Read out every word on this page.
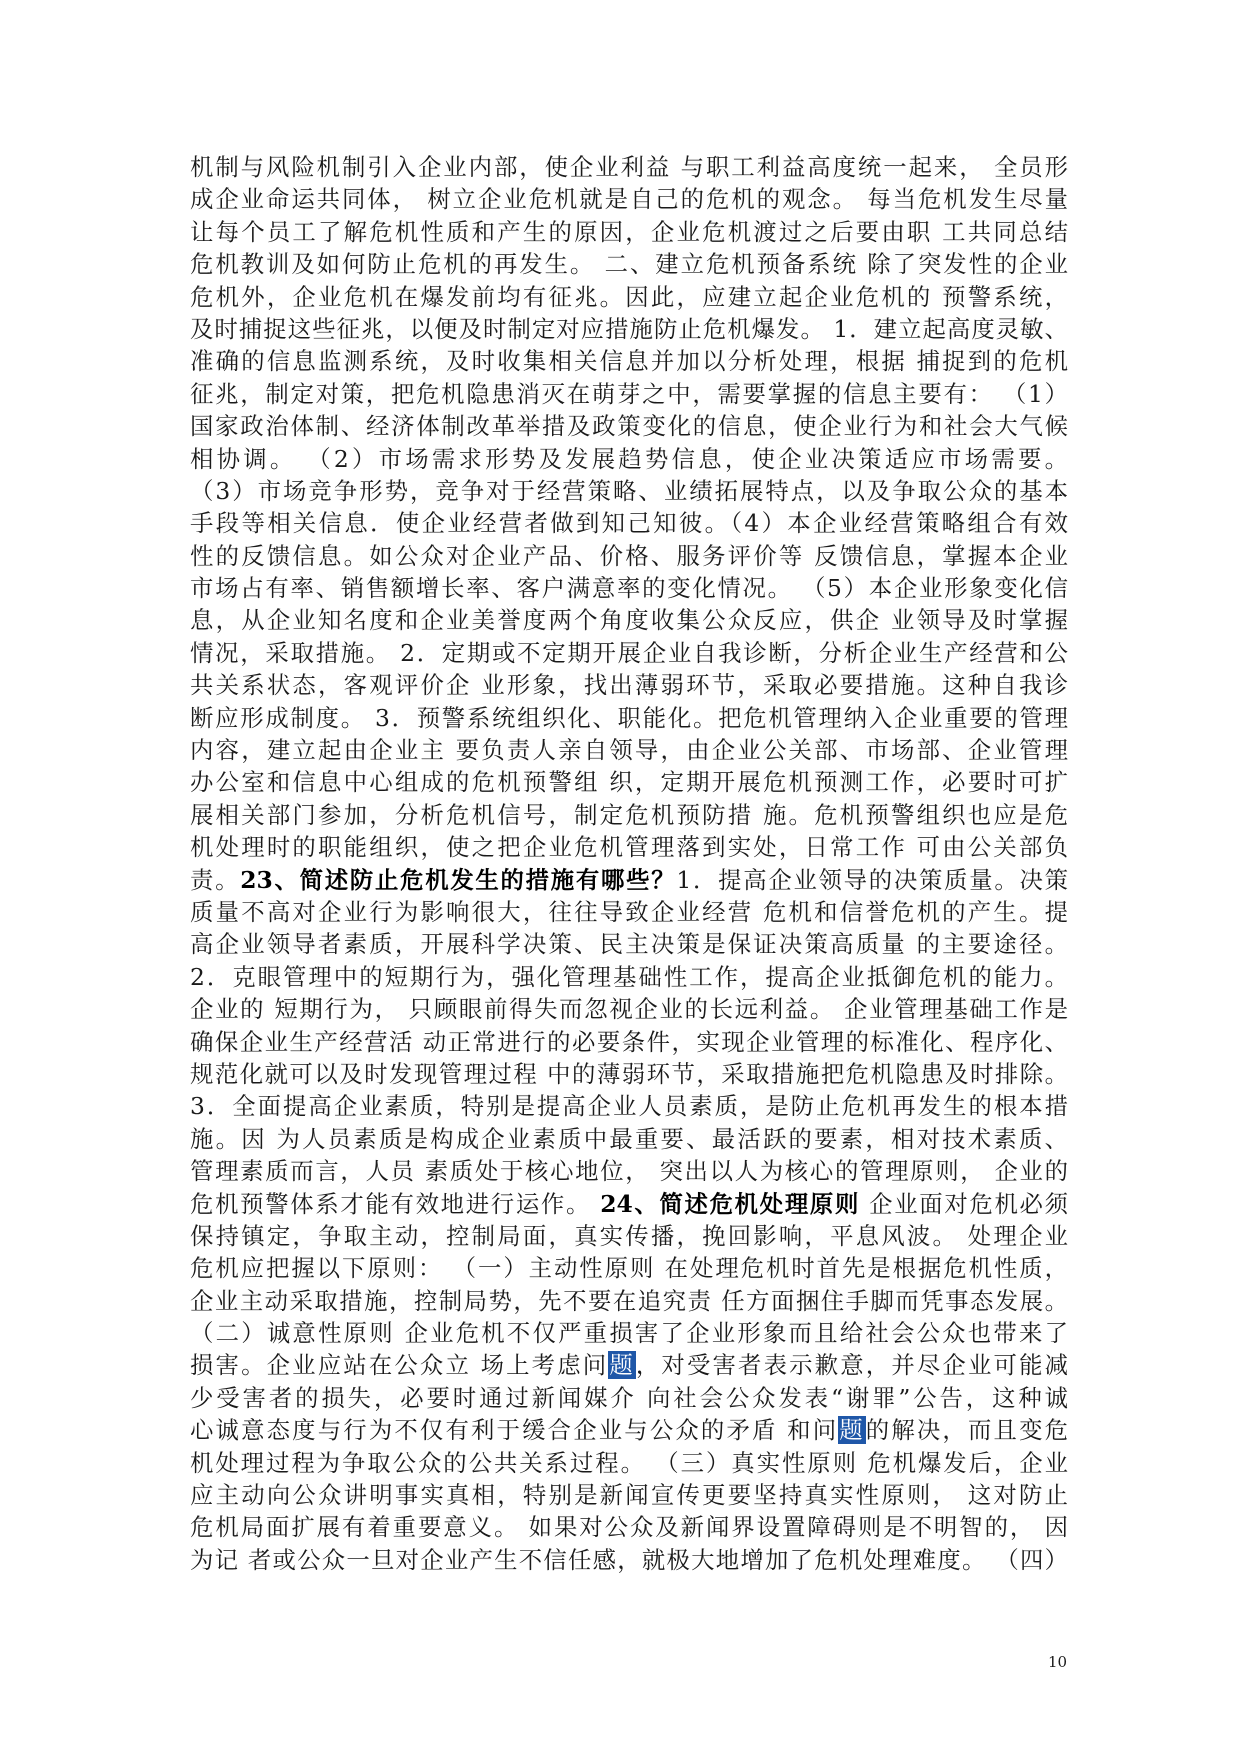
机制与风险机制引入企业内部，使企业利益 与职工利益高度统一起来， 全员形
成企业命运共同体， 树立企业危机就是自己的危机的观念。 每当危机发生尽量
让每个员工了解危机性质和产生的原因，企业危机渡过之后要由职 工共同总结
危机教训及如何防止危机的再发生。 二、建立危机预备系统 除了突发性的企业
危机外，企业危机在爆发前均有征兆。因此，应建立起企业危机的 预警系统，
及时捕捉这些征兆，以便及时制定对应措施防止危机爆发。 1．建立起高度灵敏、
准确的信息监测系统，及时收集相关信息并加以分析处理，根据 捕捉到的危机
征兆，制定对策，把危机隐患消灭在萌芽之中，需要掌握的信息主要有： （1）
国家政治体制、经济体制改革举措及政策变化的信息，使企业行为和社会大气候
相协调。 （2）市场需求形势及发展趋势信息，使企业决策适应市场需要。
（3）市场竞争形势，竞争对于经营策略、业绩拓展特点，以及争取公众的基本
手段等相关信息．使企业经营者做到知己知彼。（4）本企业经营策略组合有效
性的反馈信息。如公众对企业产品、价格、服务评价等 反馈信息，掌握本企业
市场占有率、销售额增长率、客户满意率的变化情况。 （5）本企业形象变化信
息，从企业知名度和企业美誉度两个角度收集公众反应，供企 业领导及时掌握
情况，采取措施。 2．定期或不定期开展企业自我诊断，分析企业生产经营和公
共关系状态，客观评价企 业形象，找出薄弱环节，采取必要措施。这种自我诊
断应形成制度。 3．预警系统组织化、职能化。把危机管理纳入企业重要的管理
内容，建立起由企业主 要负责人亲自领导，由企业公关部、市场部、企业管理
办公室和信息中心组成的危机预警组 织，定期开展危机预测工作，必要时可扩
展相关部门参加，分析危机信号，制定危机预防措 施。危机预警组织也应是危
机处理时的职能组织，使之把企业危机管理落到实处，日常工作 可由公关部负
责。23、简述防止危机发生的措施有哪些？1．提高企业领导的决策质量。决策
质量不高对企业行为影响很大，往往导致企业经营 危机和信誉危机的产生。提
高企业领导者素质，开展科学决策、民主决策是保证决策高质量 的主要途径。
2．克眼管理中的短期行为，强化管理基础性工作，提高企业抵御危机的能力。
企业的 短期行为， 只顾眼前得失而忽视企业的长远利益。 企业管理基础工作是
确保企业生产经营活 动正常进行的必要条件，实现企业管理的标准化、程序化、
规范化就可以及时发现管理过程 中的薄弱环节，采取措施把危机隐患及时排除。
3．全面提高企业素质，特别是提高企业人员素质，是防止危机再发生的根本措
施。因 为人员素质是构成企业素质中最重要、最活跃的要素，相对技术素质、
管理素质而言，人员 素质处于核心地位， 突出以人为核心的管理原则， 企业的
危机预警体系才能有效地进行运作。 24、简述危机处理原则 企业面对危机必须
保持镇定，争取主动，控制局面，真实传播，挽回影响，平息风波。 处理企业
危机应把握以下原则： （一）主动性原则 在处理危机时首先是根据危机性质，
企业主动采取措施，控制局势，先不要在追究责 任方面捆住手脚而凭事态发展。
（二）诚意性原则 企业危机不仅严重损害了企业形象而且给社会公众也带来了
损害。企业应站在公众立 场上考虑问题，对受害者表示歉意，并尽企业可能减
少受害者的损失，必要时通过新闻媒介 向社会公众发表“谢罪”公告，这种诚
心诚意态度与行为不仅有利于缓合企业与公众的矛盾 和问题的解决，而且变危
机处理过程为争取公众的公共关系过程。 （三）真实性原则 危机爆发后，企业
应主动向公众讲明事实真相，特别是新闻宣传更要坚持真实性原则， 这对防止
危机局面扩展有着重要意义。 如果对公众及新闻界设置障碍则是不明智的， 因
为记 者或公众一旦对企业产生不信任感，就极大地增加了危机处理难度。 （四）
10
